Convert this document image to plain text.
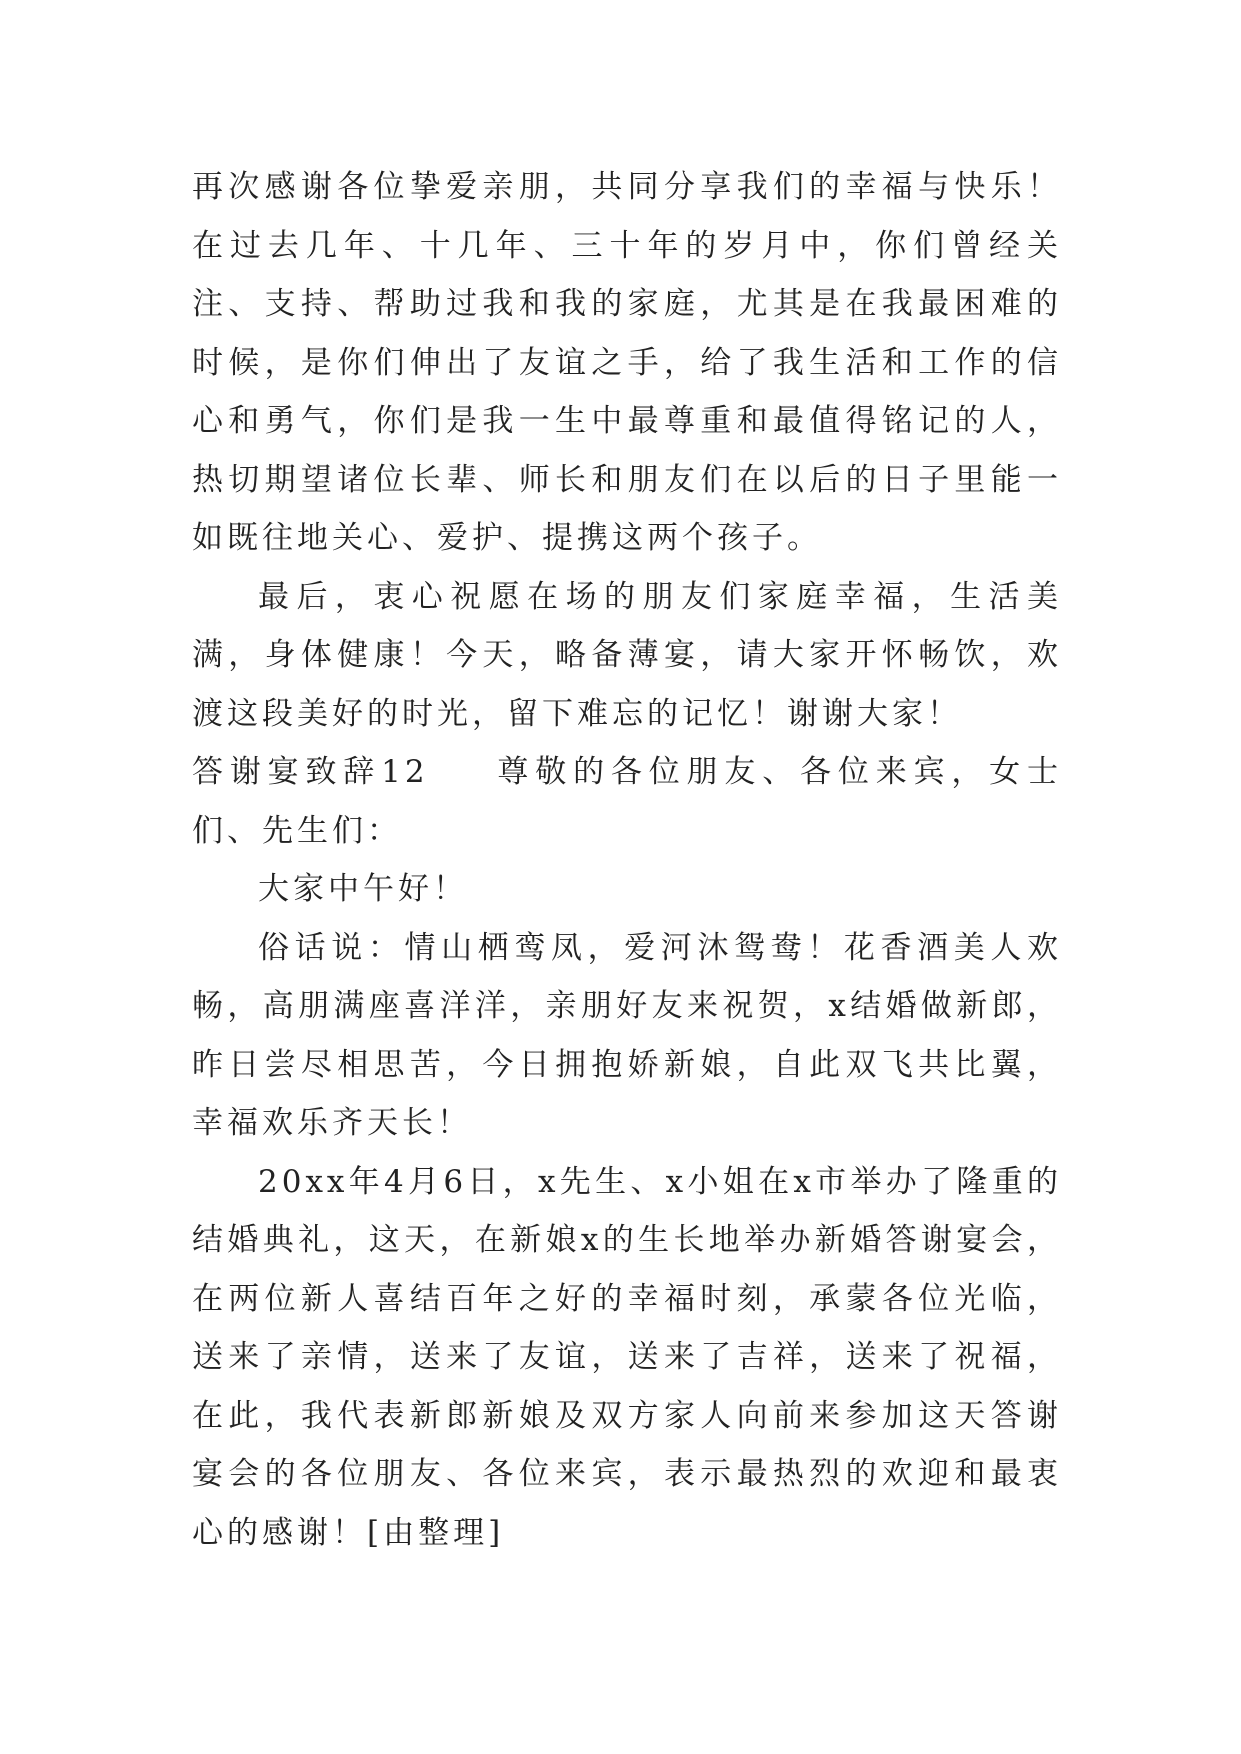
再次感谢各位挚爱亲朋，共同分享我们的幸福与快乐！在过去几年、十几年、三十年的岁月中，你们曾经关注、支持、帮助过我和我的家庭，尤其是在我最困难的时候，是你们伸出了友谊之手，给了我生活和工作的信心和勇气，你们是我一生中最尊重和最值得铭记的人，热切期望诸位长辈、师长和朋友们在以后的日子里能一如既往地关心、爱护、提携这两个孩子。

最后，衷心祝愿在场的朋友们家庭幸福，生活美满，身体健康！今天，略备薄宴，请大家开怀畅饮，欢渡这段美好的时光，留下难忘的记忆！谢谢大家！

答谢宴致辞12 尊敬的各位朋友、各位来宾，女士们、先生们：

大家中午好！

俗话说：情山栖鸾凤，爱河沐鸳鸯！花香酒美人欢畅，高朋满座喜洋洋，亲朋好友来祝贺，x结婚做新郎，昨日尝尽相思苦，今日拥抱娇新娘，自此双飞共比翼，幸福欢乐齐天长！

20xx年4月6日，x先生、x小姐在x市举办了隆重的结婚典礼，这天，在新娘x的生长地举办新婚答谢宴会，在两位新人喜结百年之好的幸福时刻，承蒙各位光临，送来了亲情，送来了友谊，送来了吉祥，送来了祝福，在此，我代表新郎新娘及双方家人向前来参加这天答谢宴会的各位朋友、各位来宾，表示最热烈的欢迎和最衷心的感谢！[由整理]
